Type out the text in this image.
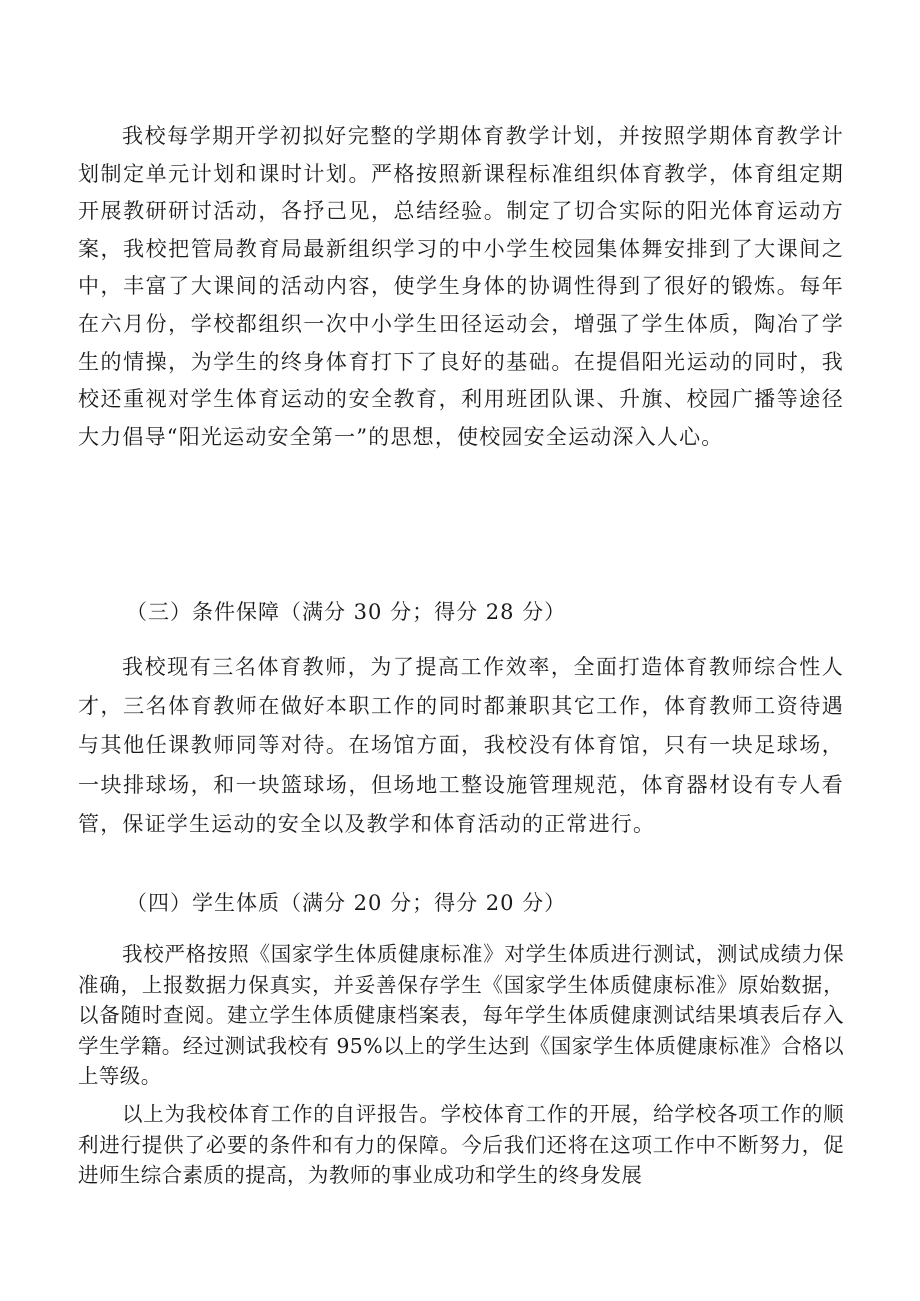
我校每学期开学初拟好完整的学期体育教学计划，并按照学期体育教学计划制定单元计划和课时计划。严格按照新课程标准组织体育教学，体育组定期开展教研研讨活动，各抒己见，总结经验。制定了切合实际的阳光体育运动方案，我校把管局教育局最新组织学习的中小学生校园集体舞安排到了大课间之中，丰富了大课间的活动内容，使学生身体的协调性得到了很好的锻炼。每年在六月份，学校都组织一次中小学生田径运动会，增强了学生体质，陶冶了学生的情操，为学生的终身体育打下了良好的基础。在提倡阳光运动的同时，我校还重视对学生体育运动的安全教育，利用班团队课、升旗、校园广播等途径大力倡导“阳光运动安全第一”的思想，使校园安全运动深入人心。

（三）条件保障（满分 30 分；得分 28 分）

我校现有三名体育教师，为了提高工作效率，全面打造体育教师综合性人才，三名体育教师在做好本职工作的同时都兼职其它工作，体育教师工资待遇与其他任课教师同等对待。在场馆方面，我校没有体育馆，只有一块足球场，一块排球场，和一块篮球场，但场地工整设施管理规范，体育器材设有专人看管，保证学生运动的安全以及教学和体育活动的正常进行。

（四）学生体质（满分 20 分；得分 20 分）

我校严格按照《国家学生体质健康标准》对学生体质进行测试，测试成绩力保准确，上报数据力保真实，并妥善保存学生《国家学生体质健康标准》原始数据，以备随时查阅。建立学生体质健康档案表，每年学生体质健康测试结果填表后存入学生学籍。经过测试我校有 95%以上的学生达到《国家学生体质健康标准》合格以上等级。

以上为我校体育工作的自评报告。学校体育工作的开展，给学校各项工作的顺利进行提供了必要的条件和有力的保障。今后我们还将在这项工作中不断努力，促进师生综合素质的提高，为教师的事业成功和学生的终身发展
